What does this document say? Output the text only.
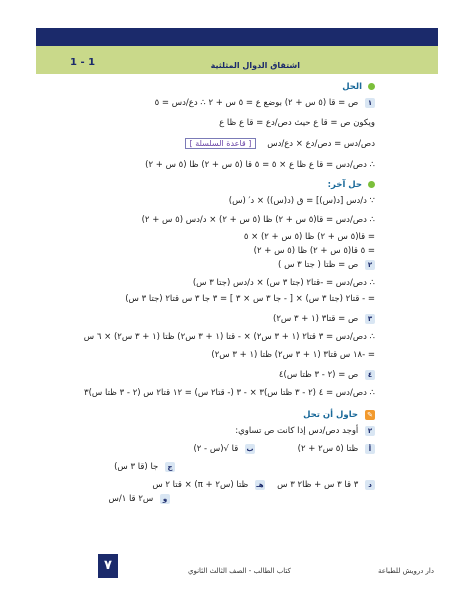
اشتقاق الدوال المثلثية
1 - 1
الحل
١ ص = قا (٥ س + ٢) بوضع ع = ٥ س + ٢ ∴ دع/دس = ٥
ويكون ص = قا ع حيث دص/دع = قا ع ظا ع
دص/دس = دص/دع × دع/دس    [ قاعدة السلسلة ]
∴ دص/دس = قا ع ظا ع × ٥ = ٥ قا (٥ س + ٢) ظا (٥ س + ٢)
حل آخر:
∵ د/دس [د(س)] = ق (د(س)) × د′ (س)
∴ دص/دس = قا(٥ س + ٢) ظا (٥ س + ٢) × د/دس (٥ س + ٢)
= قا(٥ س + ٢) ظا (٥ س + ٢) × ٥
= ٥ قا(٥ س + ٢) ظا (٥ س + ٢)
٢ ص = ظتا ( جتا ٣ س )
∴ دص/دس = -قتا٢ (جتا ٣ س) × د/دس (جتا ٣ س)
= - قتا٢ (جتا ٣ س) × [ - جا ٣ س × ٣ ] = ٣ جا ٣ س قتا٢ (جتا ٣ س)
٣ ص = قتا٣ (١ + ٣ س٢)
∴ دص/دس = ٣ قتا٢ (١ + ٣ س٢) × - قتا (١ + ٣ س٢) ظتا (١ + ٣ س٢) × ٦ س
= -١٨ س قتا٣ (١ + ٣ س٢) ظتا (١ + ٣ س٢)
٤ ص = (٢ - ٣ ظتا س)٤
∴ دص/دس = ٤ (٢ - ٣ ظتا س)٣ × - ٣ (- قتا٢ س) = ١٢ قتا٢ س (٢ - ٣ ظتا س)٣
✎ حاول أن تحل
٢ أوجد دص/دس إذا كانت ص تساوي:
أ ظتا (٥ س٢ + ٢)
ب قا √(س - ٢)
ج جا (قا ٣ س)
د ٣ قا ٣ س + ظا٢ ٣ س
هـ ظتا (س٢ + π) × قتا ٢ س
و س٢ قا ١/س
٧	كتاب الطالب - الصف الثالث الثانوي	دار درويش للطباعة
